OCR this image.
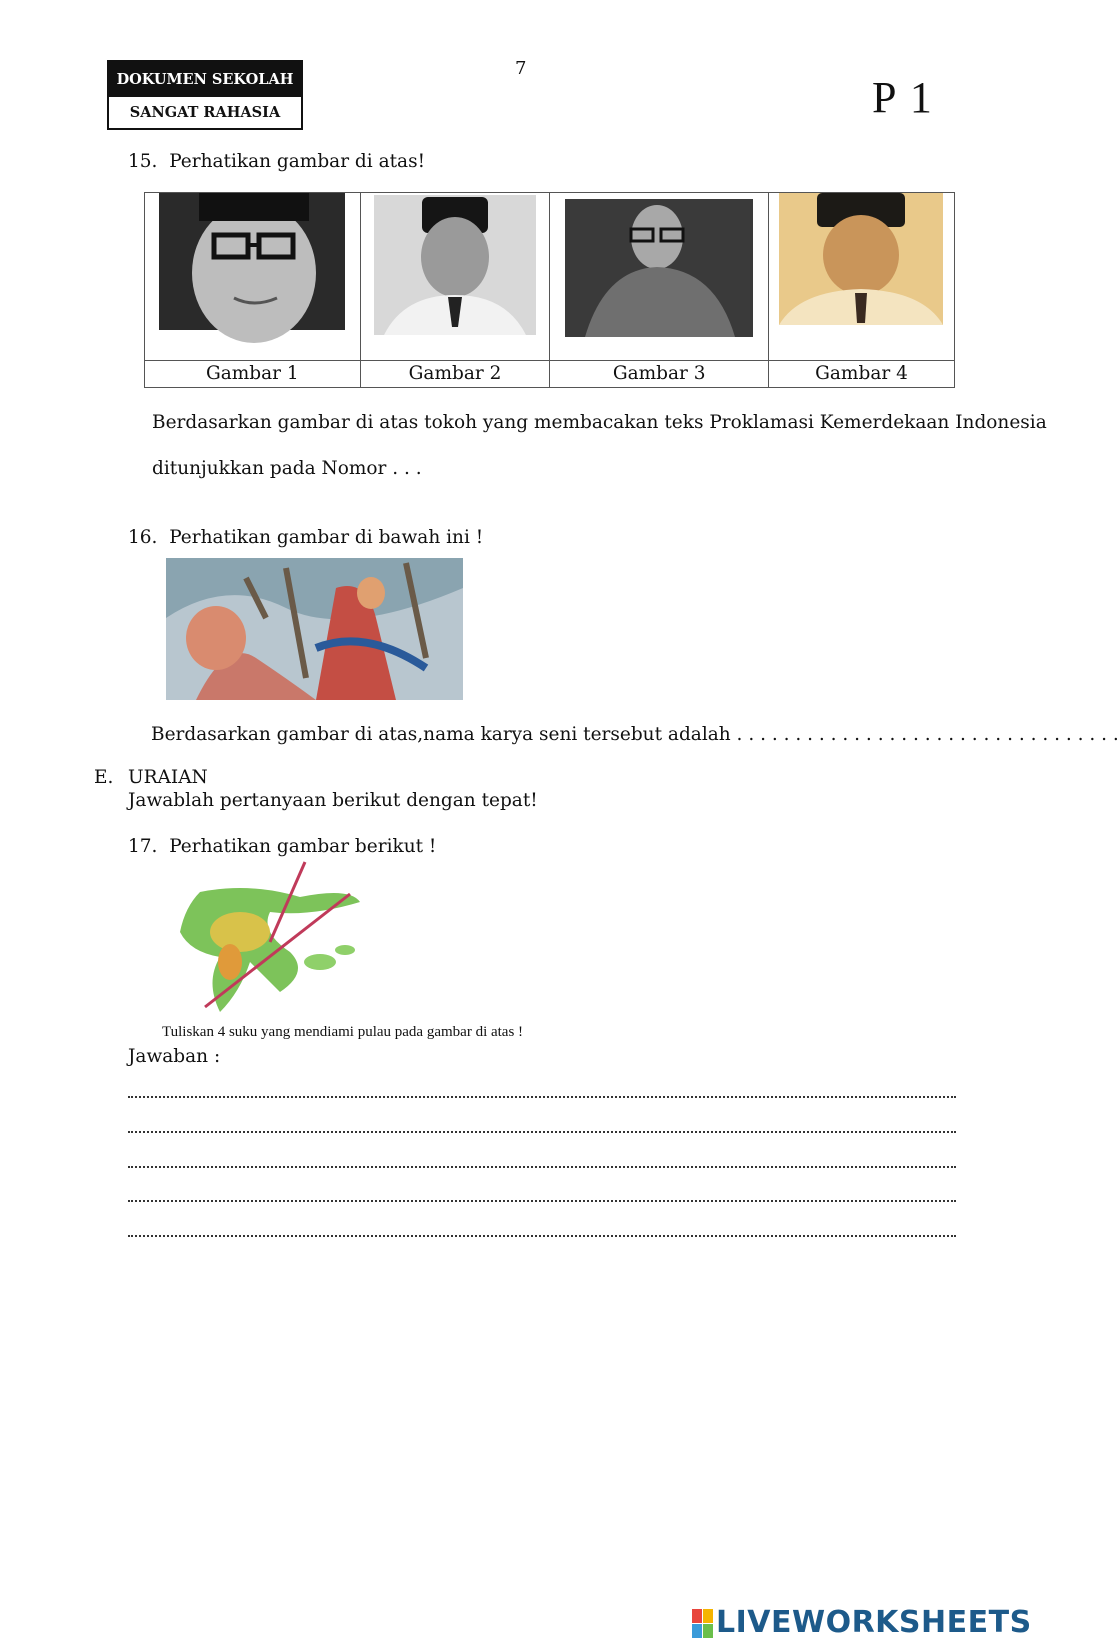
DOKUMEN SEKOLAH
SANGAT RAHASIA
7
P 1
15. Perhatikan gambar di atas!

Gambar 1	Gambar 2	Gambar 3	Gambar 4
Berdasarkan gambar di atas tokoh yang membacakan teks Proklamasi Kemerdekaan Indonesia
ditunjukkan pada Nomor . . .
16. Perhatikan gambar di bawah ini !
Berdasarkan gambar di atas,nama karya seni tersebut adalah . . . . . . . . . . . . . . . . . . . . . . . . . . . . . . . . .
E. URAIAN
Jawablah pertanyaan berikut dengan tepat!
17. Perhatikan gambar berikut !
Tuliskan 4 suku yang mendiami pulau pada gambar di atas !
Jawaban :
LIVEWORKSHEETS
